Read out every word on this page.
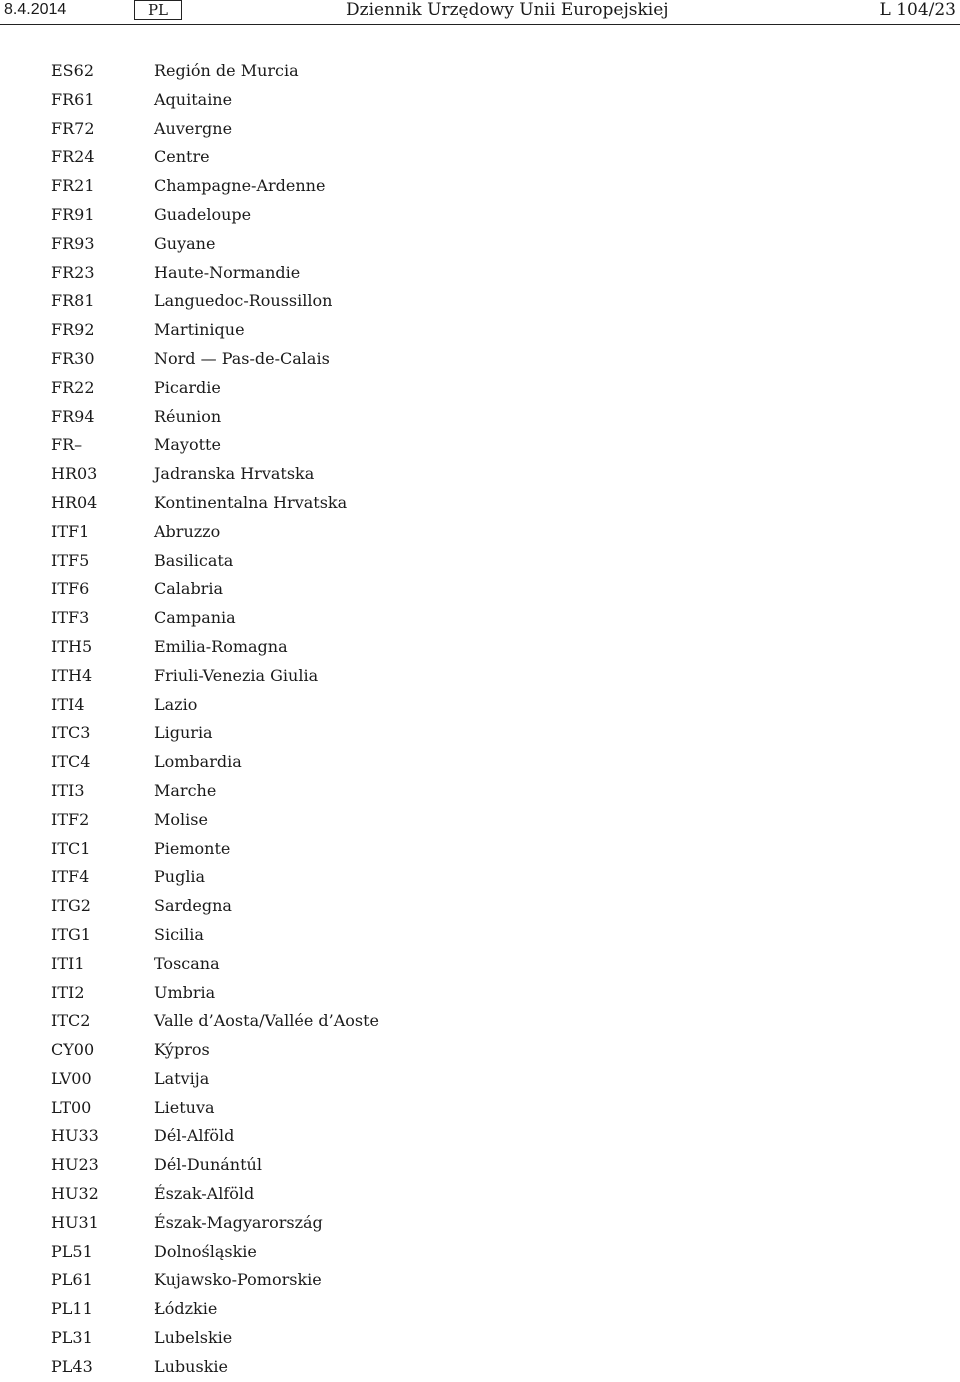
8.4.2014	PL	Dziennik Urzędowy Unii Europejskiej	L 104/23
ES62	Región de Murcia
FR61	Aquitaine
FR72	Auvergne
FR24	Centre
FR21	Champagne-Ardenne
FR91	Guadeloupe
FR93	Guyane
FR23	Haute-Normandie
FR81	Languedoc-Roussillon
FR92	Martinique
FR30	Nord — Pas-de-Calais
FR22	Picardie
FR94	Réunion
FR–	Mayotte
HR03	Jadranska Hrvatska
HR04	Kontinentalna Hrvatska
ITF1	Abruzzo
ITF5	Basilicata
ITF6	Calabria
ITF3	Campania
ITH5	Emilia-Romagna
ITH4	Friuli-Venezia Giulia
ITI4	Lazio
ITC3	Liguria
ITC4	Lombardia
ITI3	Marche
ITF2	Molise
ITC1	Piemonte
ITF4	Puglia
ITG2	Sardegna
ITG1	Sicilia
ITI1	Toscana
ITI2	Umbria
ITC2	Valle d’Aosta/Vallée d’Aoste
CY00	Kýpros
LV00	Latvija
LT00	Lietuva
HU33	Dél-Alföld
HU23	Dél-Dunántúl
HU32	Észak-Alföld
HU31	Észak-Magyarország
PL51	Dolnośląskie
PL61	Kujawsko-Pomorskie
PL11	Łódzkie
PL31	Lubelskie
PL43	Lubuskie
